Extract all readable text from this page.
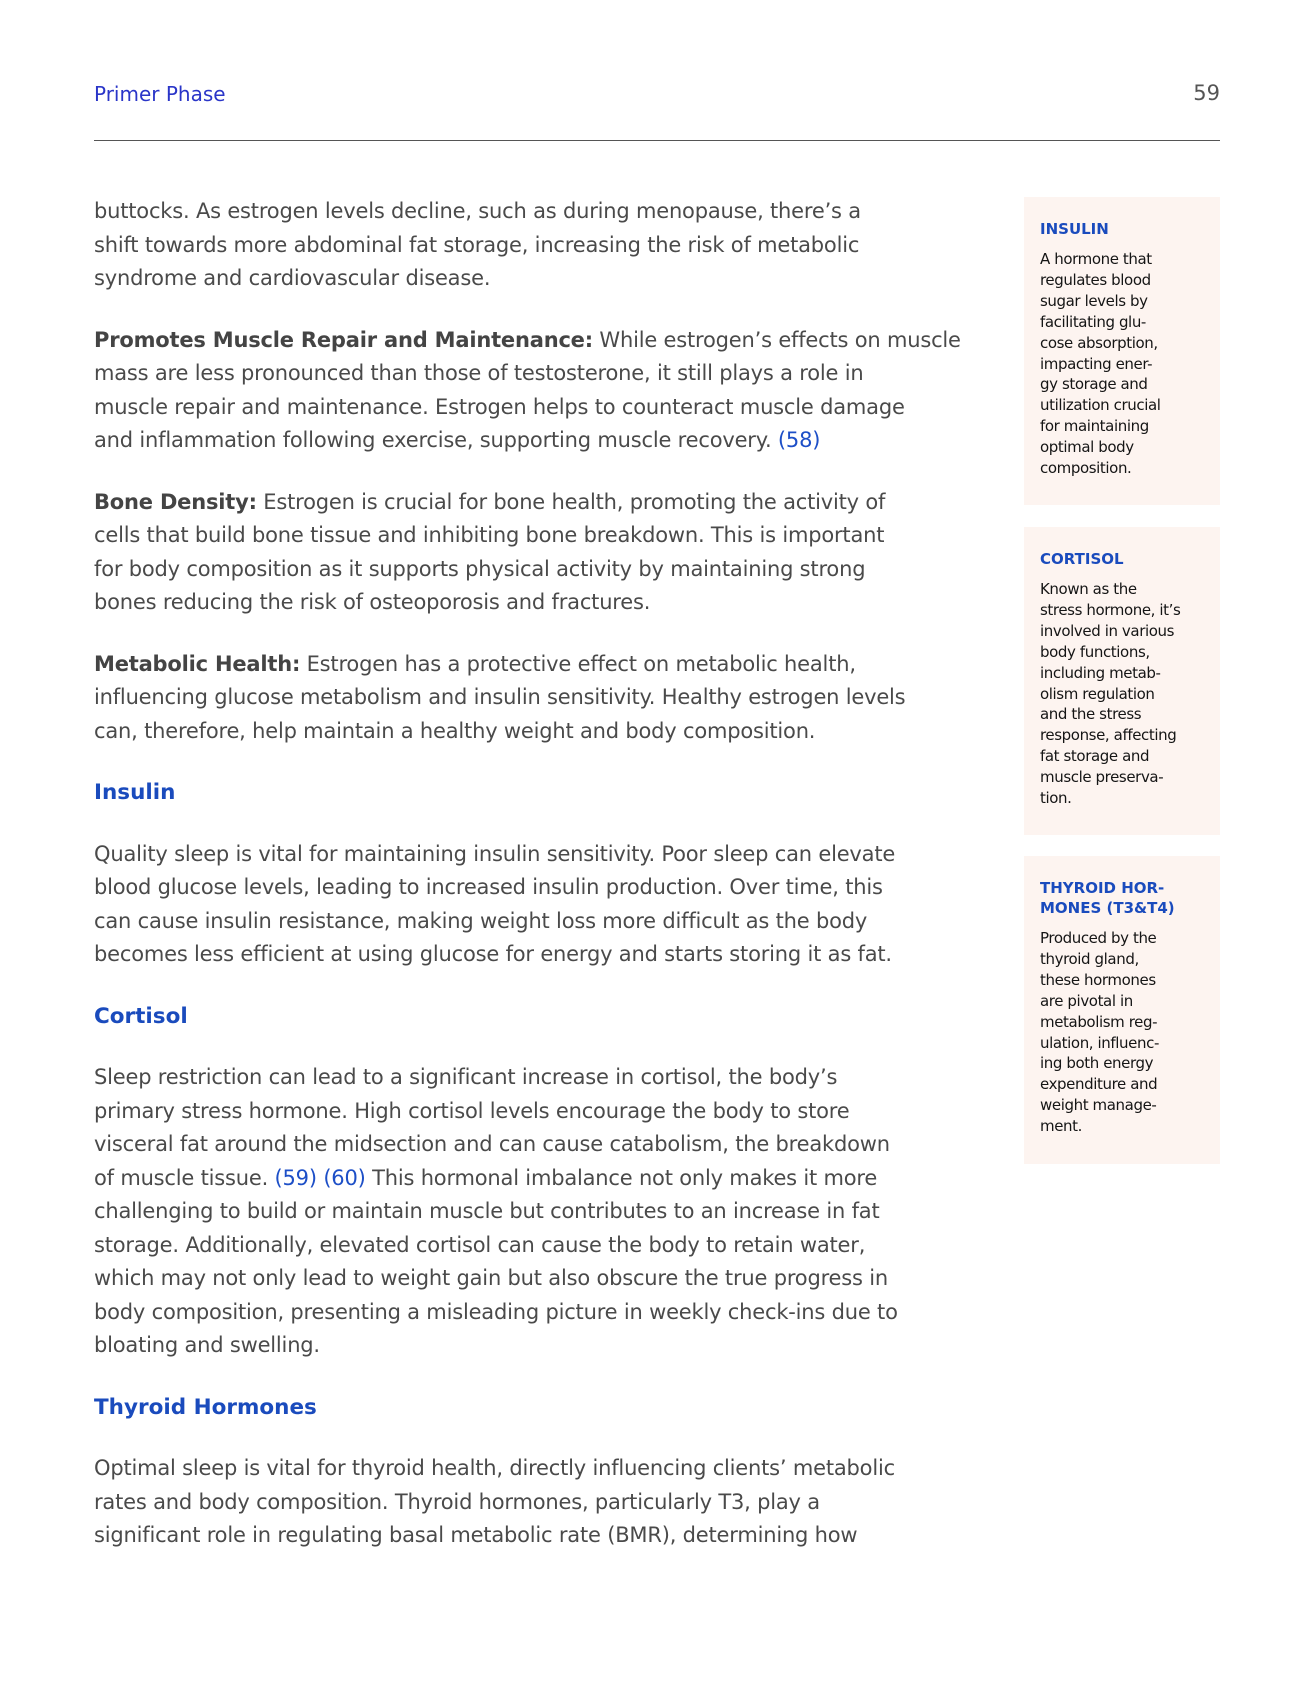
Primer Phase	59
buttocks. As estrogen levels decline, such as during menopause, there’s a
shift towards more abdominal fat storage, increasing the risk of metabolic
syndrome and cardiovascular disease.
Promotes Muscle Repair and Maintenance: While estrogen’s effects on muscle
mass are less pronounced than those of testosterone, it still plays a role in
muscle repair and maintenance. Estrogen helps to counteract muscle damage
and inflammation following exercise, supporting muscle recovery. (58)
Bone Density: Estrogen is crucial for bone health, promoting the activity of
cells that build bone tissue and inhibiting bone breakdown. This is important
for body composition as it supports physical activity by maintaining strong
bones reducing the risk of osteoporosis and fractures.
Metabolic Health: Estrogen has a protective effect on metabolic health,
influencing glucose metabolism and insulin sensitivity. Healthy estrogen levels
can, therefore, help maintain a healthy weight and body composition.
Insulin
Quality sleep is vital for maintaining insulin sensitivity. Poor sleep can elevate
blood glucose levels, leading to increased insulin production. Over time, this
can cause insulin resistance, making weight loss more difficult as the body
becomes less efficient at using glucose for energy and starts storing it as fat.
Cortisol
Sleep restriction can lead to a significant increase in cortisol, the body’s
primary stress hormone. High cortisol levels encourage the body to store
visceral fat around the midsection and can cause catabolism, the breakdown
of muscle tissue. (59) (60) This hormonal imbalance not only makes it more
challenging to build or maintain muscle but contributes to an increase in fat
storage. Additionally, elevated cortisol can cause the body to retain water,
which may not only lead to weight gain but also obscure the true progress in
body composition, presenting a misleading picture in weekly check-ins due to
bloating and swelling.
Thyroid Hormones
Optimal sleep is vital for thyroid health, directly influencing clients’ metabolic
rates and body composition. Thyroid hormones, particularly T3, play a
significant role in regulating basal metabolic rate (BMR), determining how
INSULIN
A hormone that
regulates blood
sugar levels by
facilitating glu-
cose absorption,
impacting ener-
gy storage and
utilization crucial
for maintaining
optimal body
composition.
CORTISOL
Known as the
stress hormone, it’s
involved in various
body functions,
including metab-
olism regulation
and the stress
response, affecting
fat storage and
muscle preserva-
tion.
THYROID HOR-
MONES (T3&T4)
Produced by the
thyroid gland,
these hormones
are pivotal in
metabolism reg-
ulation, influenc-
ing both energy
expenditure and
weight manage-
ment.
